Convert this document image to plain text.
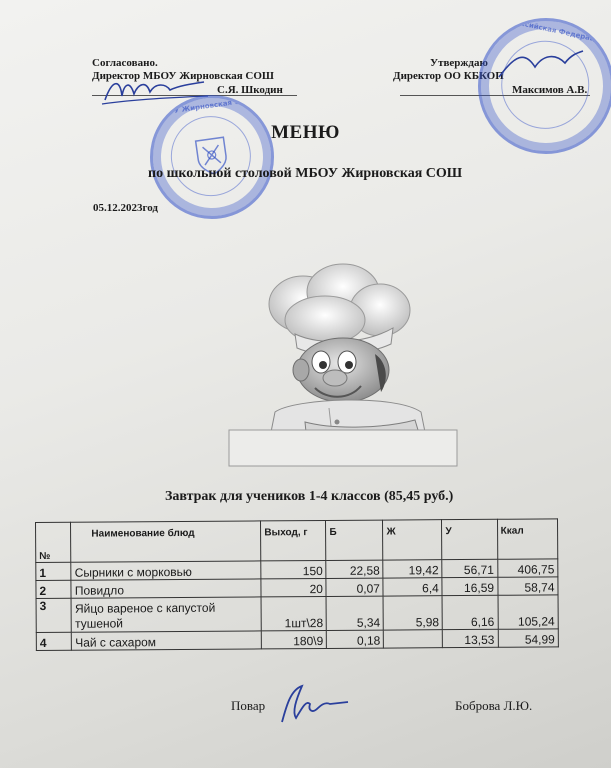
Согласовано.
Директор МБОУ Жирновская СОШ
С.Я. Шкодин
Утверждаю
Директор ОО КБКОП
Максимов А.В.
МБОУ Жирновская СОШ
Российская Федерация
МЕНЮ
по школьной столовой МБОУ Жирновская СОШ
05.12.2023год
Завтрак для учеников 1-4 классов (85,45 руб.)
№	Наименование блюд	Выход, г	Б	Ж	У	Ккал
1	Сырники с морковью	150	22,58	19,42	56,71	406,75
2	Повидло	20	0,07	6,4	16,59	58,74
3	Яйцо вареное с капустой
тушеной	1шт\28	5,34	5,98	6,16	105,24
4	Чай с сахаром	180\9	0,18		13,53	54,99
Повар	Боброва Л.Ю.
